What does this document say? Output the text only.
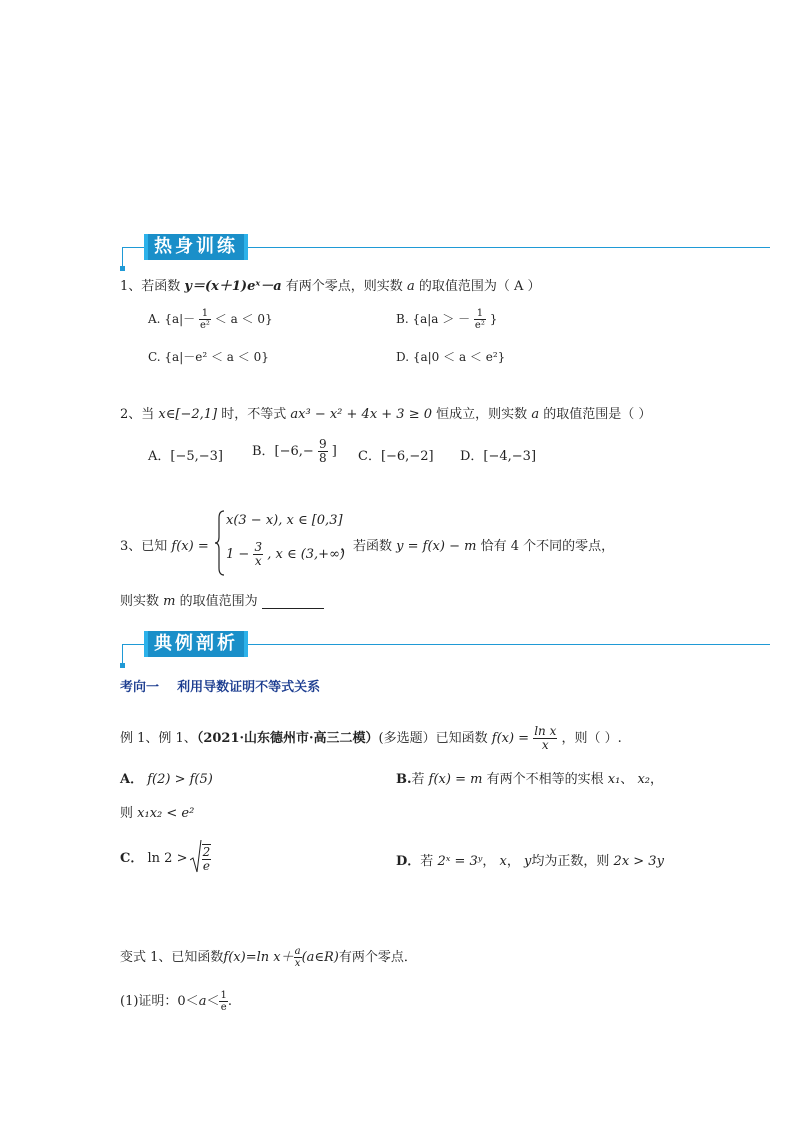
热身训练
1、若函数 y＝(x＋1)eˣ－a 有两个零点，则实数 a 的取值范围为（ A ）
A. $\{a|- \frac{1}{\text{e²}} < a < 0\}$	B. {a|a ＞ － $\frac{1}{\text{e²}}$ }
C. {a|－e² ＜ a ＜ 0}	D. {a|0 ＜ a ＜ e²}
2、当 x∈[−2,1] 时，不等式 ax³ − x² + 4x + 3 ≥ 0 恒成立，则实数 a 的取值范围是（ ）
A．[−5,−3] B．[$-6,- \frac{9}{8}$ ] C．[−6,−2] D．[−4,−3]
3、已知 f(x) =
x(3 − x), x ∈ [0,3]
$1 - \frac{3}{x}$ , x ∈ (3,+∞)
，若函数 y = f(x) − m 恰有 4 个不同的零点，
则实数 m 的取值范围为
典例剖析
考向一    利用导数证明不等式关系
例 1、例 1、（2021·山东德州市·高三二模）(多选题）已知函数 $f(x) = \frac{\text{ln x}}{x}$ ，则（ ）.
A． f(2) > f(5)	B.若 f(x) = m 有两个不相等的实根 x₁、 x₂，
则 x₁x₂ < e²
C． $\ln 2 > \frac{2}{e}$	D．若 2ˣ = 3ʸ， x， y均为正数，则 2x > 3y
变式 1、已知函数f(x)=ln $x+ \frac{a}{x}$ (a∈R)有两个零点．
(1)证明：$0<a< \frac{1}{e}$ .
